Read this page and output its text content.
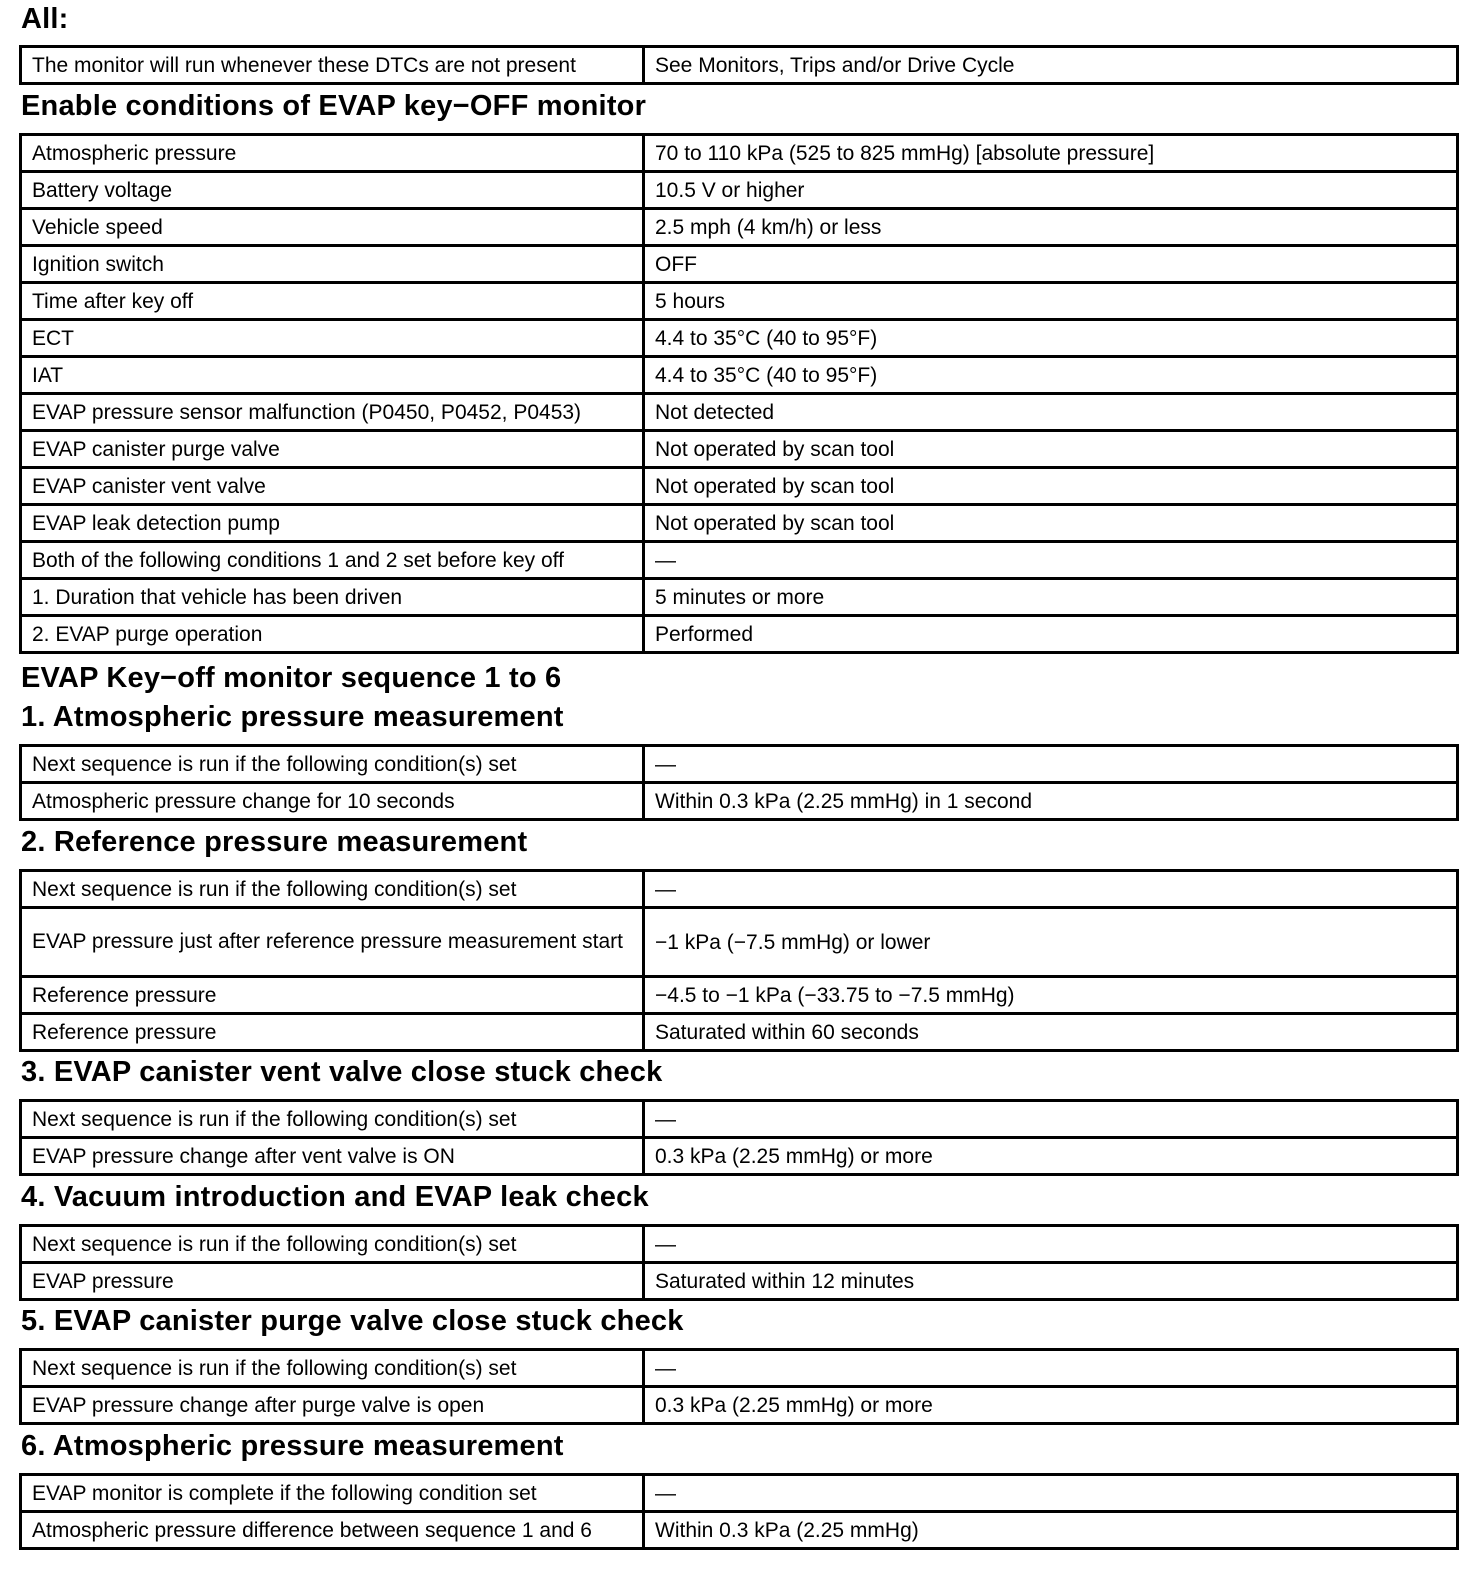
All:
The monitor will run whenever these DTCs are not present	See Monitors, Trips and/or Drive Cycle
Enable conditions of EVAP key−OFF monitor
Atmospheric pressure	70 to 110 kPa (525 to 825 mmHg) [absolute pressure]
Battery voltage	10.5 V or higher
Vehicle speed	2.5 mph (4 km/h) or less
Ignition switch	OFF
Time after key off	5 hours
ECT	4.4 to 35°C (40 to 95°F)
IAT	4.4 to 35°C (40 to 95°F)
EVAP pressure sensor malfunction (P0450, P0452, P0453)	Not detected
EVAP canister purge valve	Not operated by scan tool
EVAP canister vent valve	Not operated by scan tool
EVAP leak detection pump	Not operated by scan tool
Both of the following conditions 1 and 2 set before key off	—
1. Duration that vehicle has been driven	5 minutes or more
2. EVAP purge operation	Performed
EVAP Key−off monitor sequence 1 to 6
1. Atmospheric pressure measurement
Next sequence is run if the following condition(s) set	—
Atmospheric pressure change for 10 seconds	Within 0.3 kPa (2.25 mmHg) in 1 second
2. Reference pressure measurement
Next sequence is run if the following condition(s) set	—
EVAP pressure just after reference pressure measurement start	−1 kPa (−7.5 mmHg) or lower
Reference pressure	−4.5 to −1 kPa (−33.75 to −7.5 mmHg)
Reference pressure	Saturated within 60 seconds
3. EVAP canister vent valve close stuck check
Next sequence is run if the following condition(s) set	—
EVAP pressure change after vent valve is ON	0.3 kPa (2.25 mmHg) or more
4. Vacuum introduction and EVAP leak check
Next sequence is run if the following condition(s) set	—
EVAP pressure	Saturated within 12 minutes
5. EVAP canister purge valve close stuck check
Next sequence is run if the following condition(s) set	—
EVAP pressure change after purge valve is open	0.3 kPa (2.25 mmHg) or more
6. Atmospheric pressure measurement
EVAP monitor is complete if the following condition set	—
Atmospheric pressure difference between sequence 1 and 6	Within 0.3 kPa (2.25 mmHg)
